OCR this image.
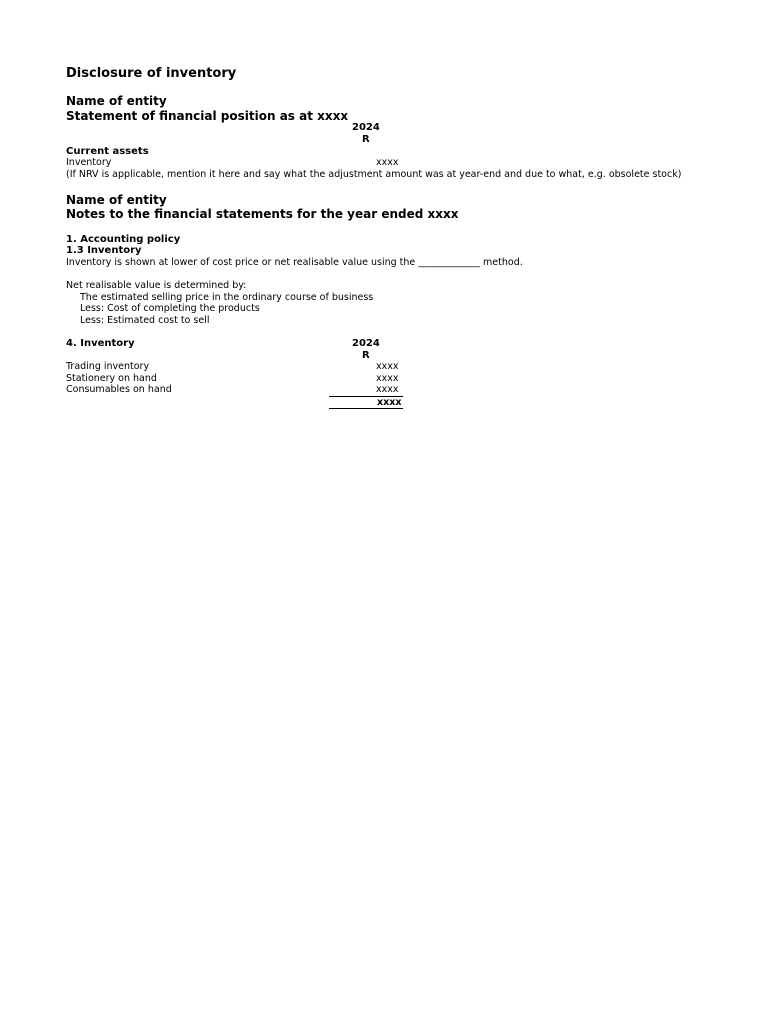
Disclosure of inventory
Name of entity
Statement of financial position as at xxxx
2024
R
Current assets
Inventory	xxxx
(If NRV is applicable, mention it here and say what the adjustment amount was at year-end and due to what, e.g. obsolete stock)
Name of entity
Notes to the financial statements for the year ended xxxx
1. Accounting policy
1.3 Inventory
Inventory is shown at lower of cost price or net realisable value using the _____________ method.
Net realisable value is determined by:
The estimated selling price in the ordinary course of business
Less: Cost of completing the products
Less: Estimated cost to sell
4. Inventory	2024
R
Trading inventory	xxxx
Stationery on hand	xxxx
Consumables on hand	xxxx
xxxx
